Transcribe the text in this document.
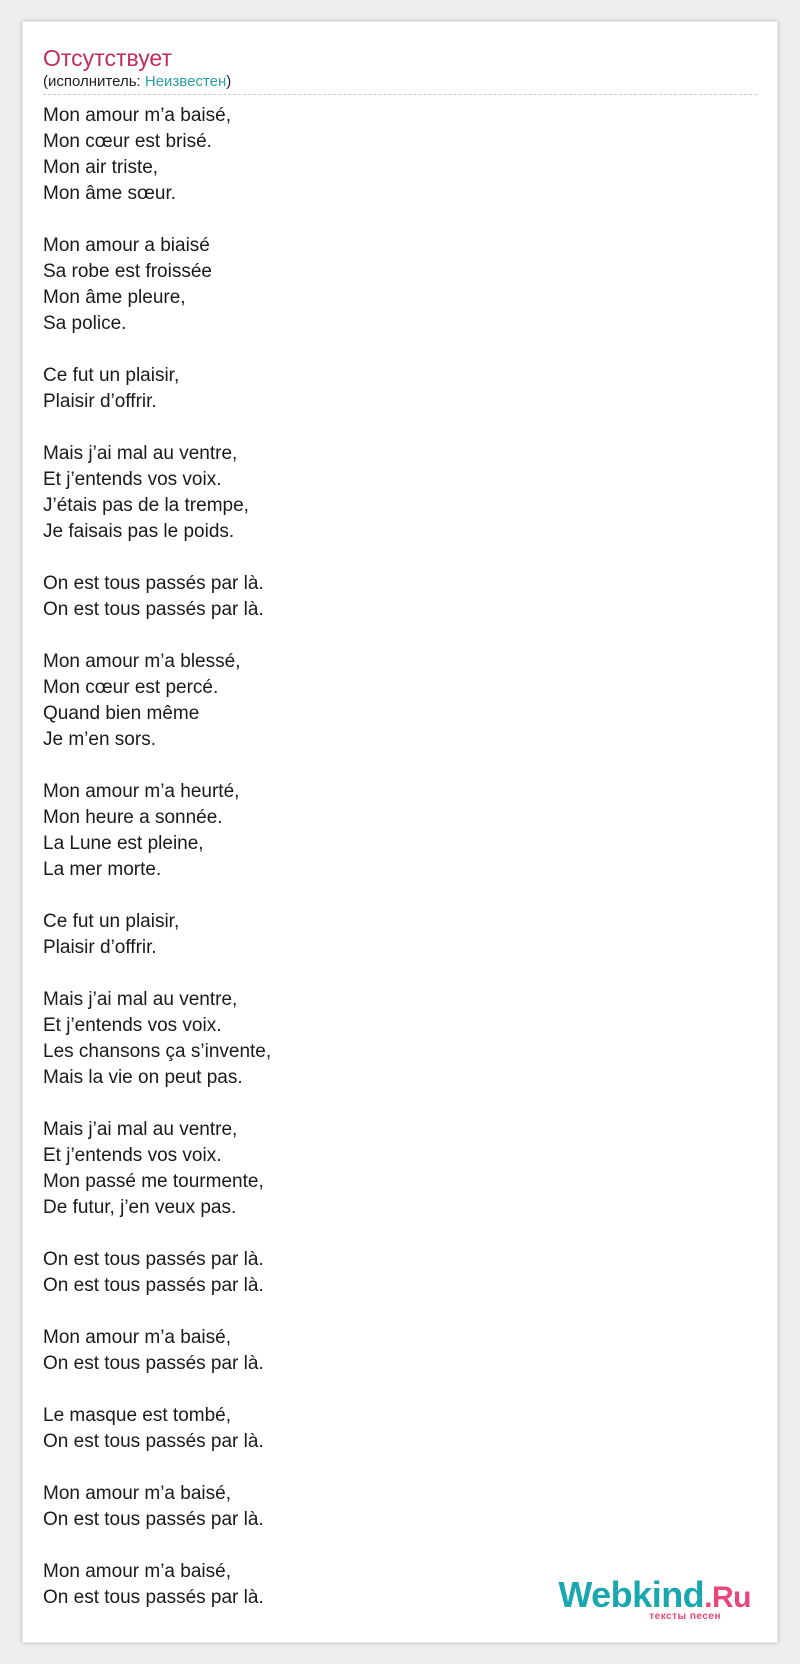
Отсутствует
(исполнитель: Неизвестен)
Mon amour m’a baisé,
Mon cœur est brisé.
Mon air triste,
Mon âme sœur.
Mon amour a biaisé
Sa robe est froissée
Mon âme pleure,
Sa police.
Ce fut un plaisir,
Plaisir d’offrir.
Mais j’ai mal au ventre,
Et j’entends vos voix.
J’étais pas de la trempe,
Je faisais pas le poids.
On est tous passés par là.
On est tous passés par là.
Mon amour m’a blessé,
Mon cœur est percé.
Quand bien même
Je m’en sors.
Mon amour m’a heurté,
Mon heure a sonnée.
La Lune est pleine,
La mer morte.
Ce fut un plaisir,
Plaisir d’offrir.
Mais j’ai mal au ventre,
Et j’entends vos voix.
Les chansons ça s’invente,
Mais la vie on peut pas.
Mais j’ai mal au ventre,
Et j’entends vos voix.
Mon passé me tourmente,
De futur, j’en veux pas.
On est tous passés par là.
On est tous passés par là.
Mon amour m’a baisé,
On est tous passés par là.
Le masque est tombé,
On est tous passés par là.
Mon amour m’a baisé,
On est tous passés par là.
Mon amour m’a baisé,
On est tous passés par là.	Webkind.Ru
тексты песен
